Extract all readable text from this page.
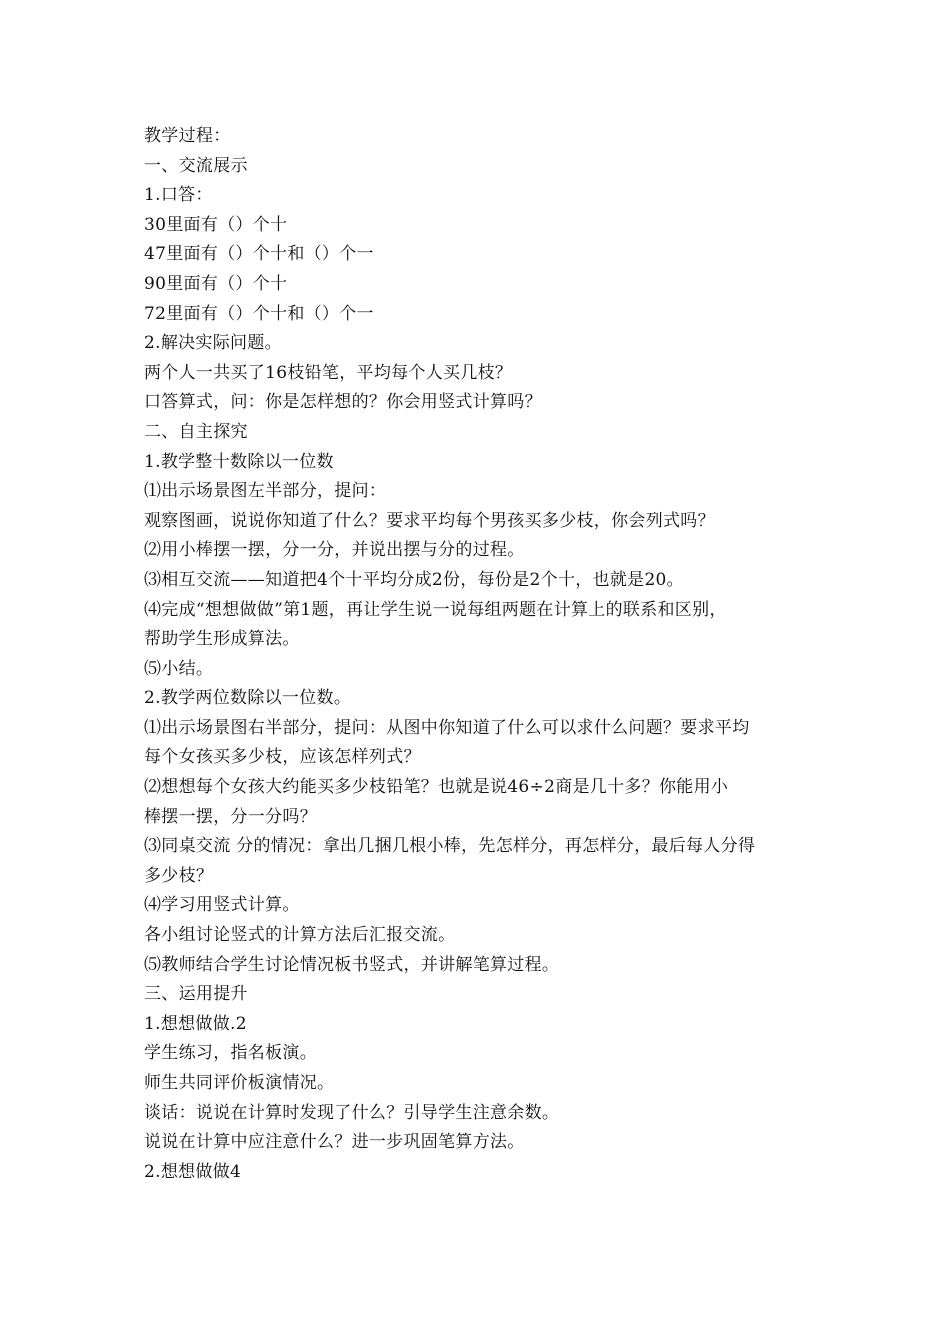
教学过程：
一、交流展示
1.口答：
30里面有（）个十
47里面有（）个十和（）个一
90里面有（）个十
72里面有（）个十和（）个一
2.解决实际问题。
两个人一共买了16枝铅笔，平均每个人买几枝？
口答算式，问：你是怎样想的？你会用竖式计算吗？
二、自主探究
1.教学整十数除以一位数
⑴出示场景图左半部分，提问：
观察图画，说说你知道了什么？要求平均每个男孩买多少枝，你会列式吗？
⑵用小棒摆一摆，分一分，并说出摆与分的过程。
⑶相互交流——知道把4个十平均分成2份，每份是2个十，也就是20。
⑷完成“想想做做”第1题，再让学生说一说每组两题在计算上的联系和区别，
帮助学生形成算法。
⑸小结。
2.教学两位数除以一位数。
⑴出示场景图右半部分，提问：从图中你知道了什么可以求什么问题？要求平均
每个女孩买多少枝，应该怎样列式？
⑵想想每个女孩大约能买多少枝铅笔？也就是说46÷2商是几十多？你能用小
棒摆一摆，分一分吗？
⑶同桌交流 分的情况：拿出几捆几根小棒，先怎样分，再怎样分，最后每人分得
多少枝？
⑷学习用竖式计算。
各小组讨论竖式的计算方法后汇报交流。
⑸教师结合学生讨论情况板书竖式，并讲解笔算过程。
三、运用提升
1.想想做做.2
学生练习，指名板演。
师生共同评价板演情况。
谈话：说说在计算时发现了什么？引导学生注意余数。
说说在计算中应注意什么？进一步巩固笔算方法。
2.想想做做4
